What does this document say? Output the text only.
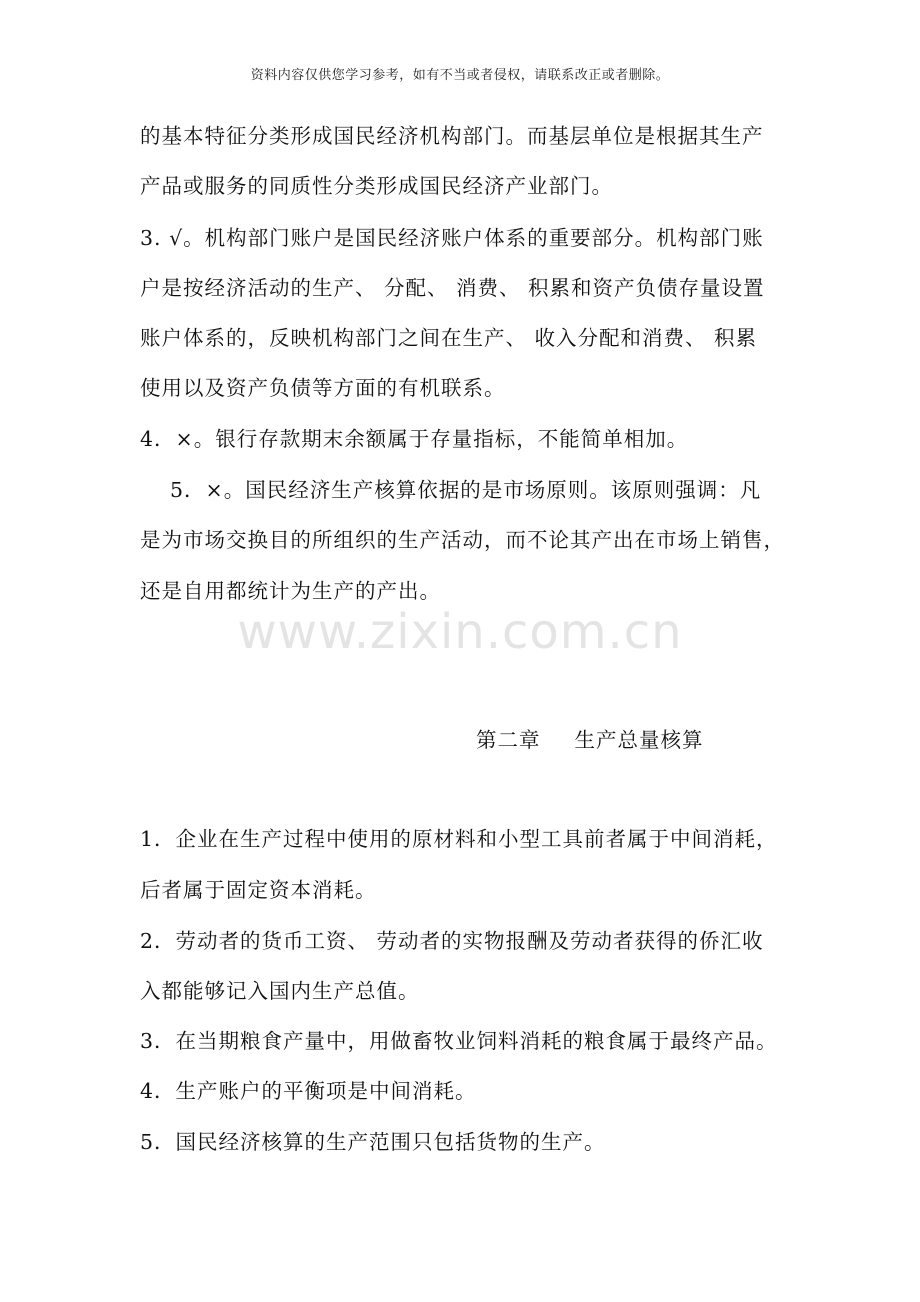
资料内容仅供您学习参考，如有不当或者侵权，请联系改正或者删除。
的基本特征分类形成国民经济机构部门。而基层单位是根据其生产
产品或服务的同质性分类形成国民经济产业部门。
3. √。机构部门账户是国民经济账户体系的重要部分。机构部门账
户是按经济活动的生产、 分配、 消费、 积累和资产负债存量设置
账户体系的，反映机构部门之间在生产、 收入分配和消费、 积累
使用以及资产负债等方面的有机联系。
4．×。银行存款期末余额属于存量指标，不能简单相加。
5．×。国民经济生产核算依据的是市场原则。该原则强调：凡
是为市场交换目的所组织的生产活动，而不论其产出在市场上销售，
还是自用都统计为生产的产出。
www.zixin.com.cn
第二章 生产总量核算
1．企业在生产过程中使用的原材料和小型工具前者属于中间消耗，
后者属于固定资本消耗。
2．劳动者的货币工资、 劳动者的实物报酬及劳动者获得的侨汇收
入都能够记入国内生产总值。
3．在当期粮食产量中，用做畜牧业饲料消耗的粮食属于最终产品。
4．生产账户的平衡项是中间消耗。
5．国民经济核算的生产范围只包括货物的生产。
